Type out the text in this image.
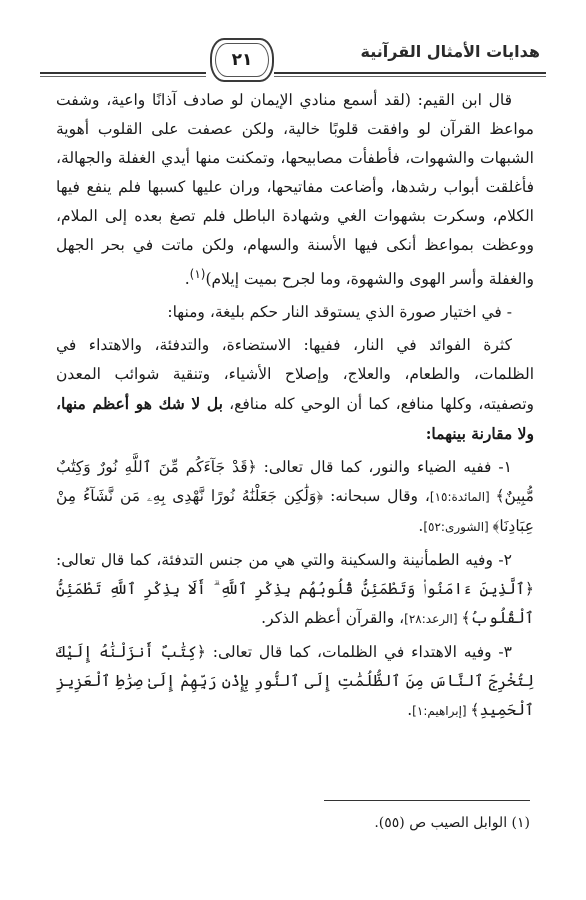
٢١	هدايات الأمثال القرآنية

قال ابن القيم: (لقد أسمع منادي الإيمان لو صادف آذانًا واعية، وشفت مواعظ القرآن لو وافقت قلوبًا خالية، ولكن عصفت على القلوب أهوية الشبهات والشهوات، فأطفأت مصابيحها، وتمكنت منها أيدي الغفلة والجهالة، فأغلقت أبواب رشدها، وأضاعت مفاتيحها، وران عليها كسبها فلم ينفع فيها الكلام، وسكرت بشهوات الغي وشهادة الباطل فلم تصغ بعده إلى الملام، ووعظت بمواعظ أنكى فيها الأسنة والسهام، ولكن ماتت في بحر الجهل والغفلة وأسر الهوى والشهوة، وما لجرح بميت إيلام)$^{(١)}$.

- في اختيار صورة الذي يستوقد النار حكم بليغة، ومنها:

كثرة الفوائد في النار، ففيها: الاستضاءة، والتدفئة، والاهتداء في الظلمات، والطعام، والعلاج، وإصلاح الأشياء، وتنقية شوائب المعدن وتصفيته، وكلها منافع، كما أن الوحي كله منافع، بل لا شك هو أعظم منها، ولا مقارنة بينهما:

١- ففيه الضياء والنور، كما قال تعالى: ﴿قَدْ جَآءَكُم مِّنَ ٱللَّهِ نُورٌ وَكِتَٰبٌ مُّبِينٌ﴾ [المائدة:١٥]، وقال سبحانه: ﴿وَلَٰكِن جَعَلْنَٰهُ نُورًا نَّهْدِى بِهِۦ مَن نَّشَآءُ مِنْ عِبَادِنَا﴾ [الشورى:٥٢].

٢- وفيه الطمأنينة والسكينة والتي هي من جنس التدفئة، كما قال تعالى: ﴿ٱلَّذِينَ ءَامَنُوا۟ وَتَطْمَئِنُّ قُلُوبُهُم بِذِكْرِ ٱللَّهِ ۗ أَلَا بِذِكْرِ ٱللَّهِ تَطْمَئِنُّ ٱلْقُلُوبُ﴾ [الرعد:٢٨]، والقرآن أعظم الذكر.

٣- وفيه الاهتداء في الظلمات، كما قال تعالى: ﴿كِتَٰبٌ أَنزَلْنَٰهُ إِلَيْكَ لِتُخْرِجَ ٱلنَّاسَ مِنَ ٱلظُّلُمَٰتِ إِلَى ٱلنُّورِ بِإِذْنِ رَبِّهِمْ إِلَىٰ صِرَٰطِ ٱلْعَزِيزِ ٱلْحَمِيدِ﴾ [إبراهيم:١].

(١) الوابل الصيب ص (٥٥).
